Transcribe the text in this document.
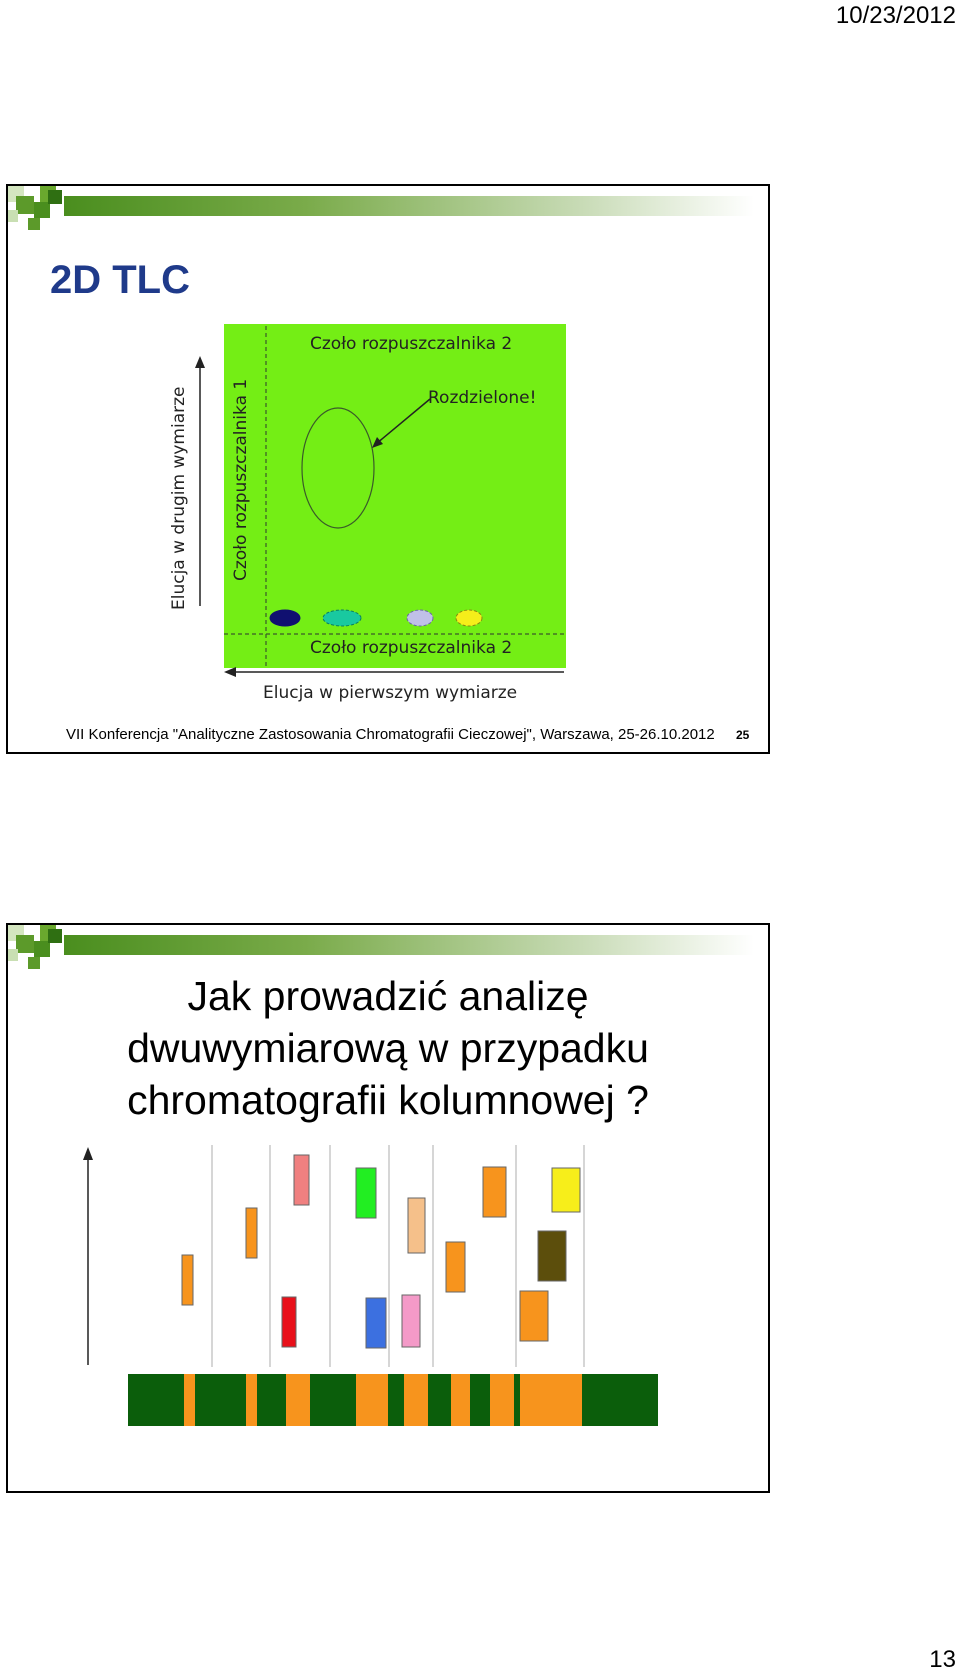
10/23/2012
2D TLC
Czoło rozpuszczalnika 2
Rozdzielone!
Czoło rozpuszczalnika 2
Elucja w pierwszym wymiarze
Czoło rozpuszczalnika 1
Elucja w drugim wymiarze
VII Konferencja "Analityczne Zastosowania Chromatografii Cieczowej", Warszawa, 25-26.10.2012 25
Jak prowadzić analizę
dwuwymiarową w przypadku
chromatografii kolumnowej ?
13
